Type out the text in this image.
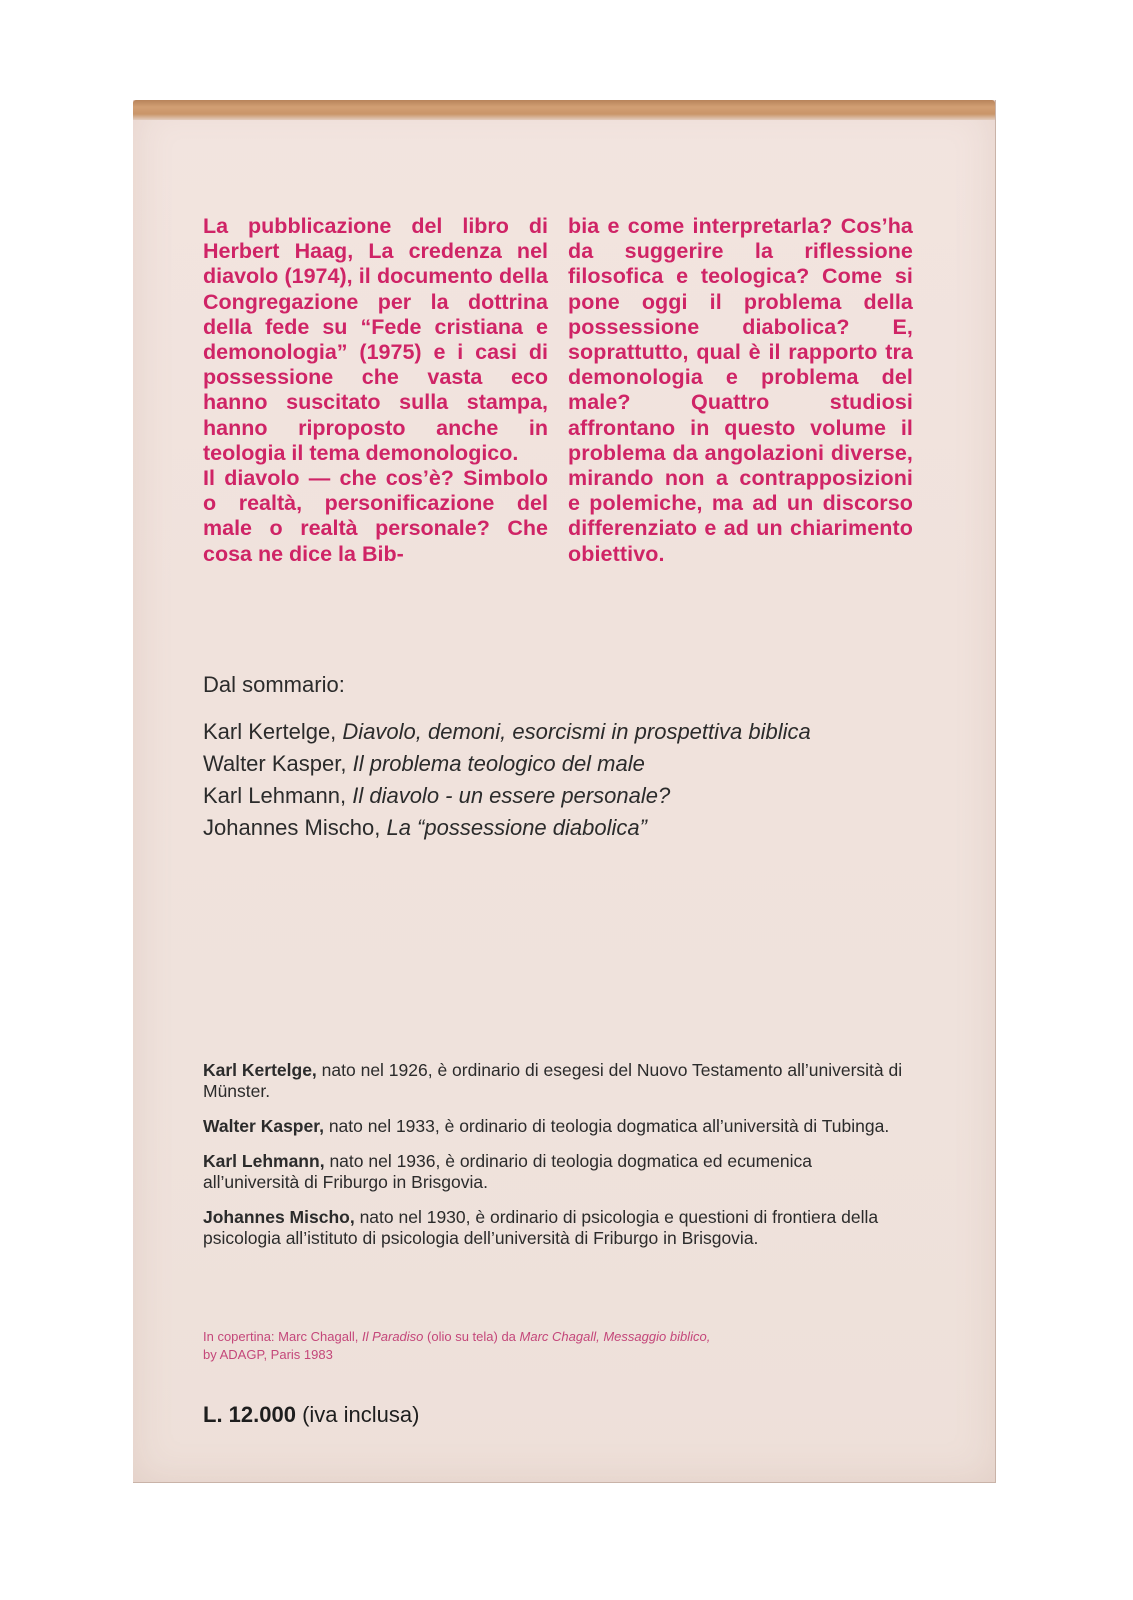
La pubblicazione del libro di Herbert Haag, La credenza nel diavolo (1974), il documento della Congregazione per la dottrina della fede su “Fede cristiana e demonologia” (1975) e i casi di possessione che vasta eco hanno suscitato sulla stampa, hanno riproposto anche in teologia il tema demonologico.

Il diavolo — che cos’è? Simbolo o realtà, personificazione del male o realtà personale? Che cosa ne dice la Bib-

bia e come interpretarla? Cos’ha da suggerire la riflessione filosofica e teologica? Come si pone oggi il problema della possessione diabolica? E, soprattutto, qual è il rapporto tra demonologia e problema del male? Quattro studiosi affrontano in questo volume il problema da angolazioni diverse, mirando non a contrapposizioni e polemiche, ma ad un discorso differenziato e ad un chiarimento obiettivo.

Dal sommario:

Karl Kertelge, Diavolo, demoni, esorcismi in prospettiva biblica
Walter Kasper, Il problema teologico del male
Karl Lehmann, Il diavolo - un essere personale?
Johannes Mischo, La “possessione diabolica”

Karl Kertelge, nato nel 1926, è ordinario di esegesi del Nuovo Testamento all’università di Münster.

Walter Kasper, nato nel 1933, è ordinario di teologia dogmatica all’università di Tubinga.

Karl Lehmann, nato nel 1936, è ordinario di teologia dogmatica ed ecumenica all’università di Friburgo in Brisgovia.

Johannes Mischo, nato nel 1930, è ordinario di psicologia e questioni di frontiera della psicologia all’istituto di psicologia dell’università di Friburgo in Brisgovia.

In copertina: Marc Chagall, Il Paradiso (olio su tela) da Marc Chagall, Messaggio biblico,
by ADAGP, Paris 1983
L. 12.000 (iva inclusa)
